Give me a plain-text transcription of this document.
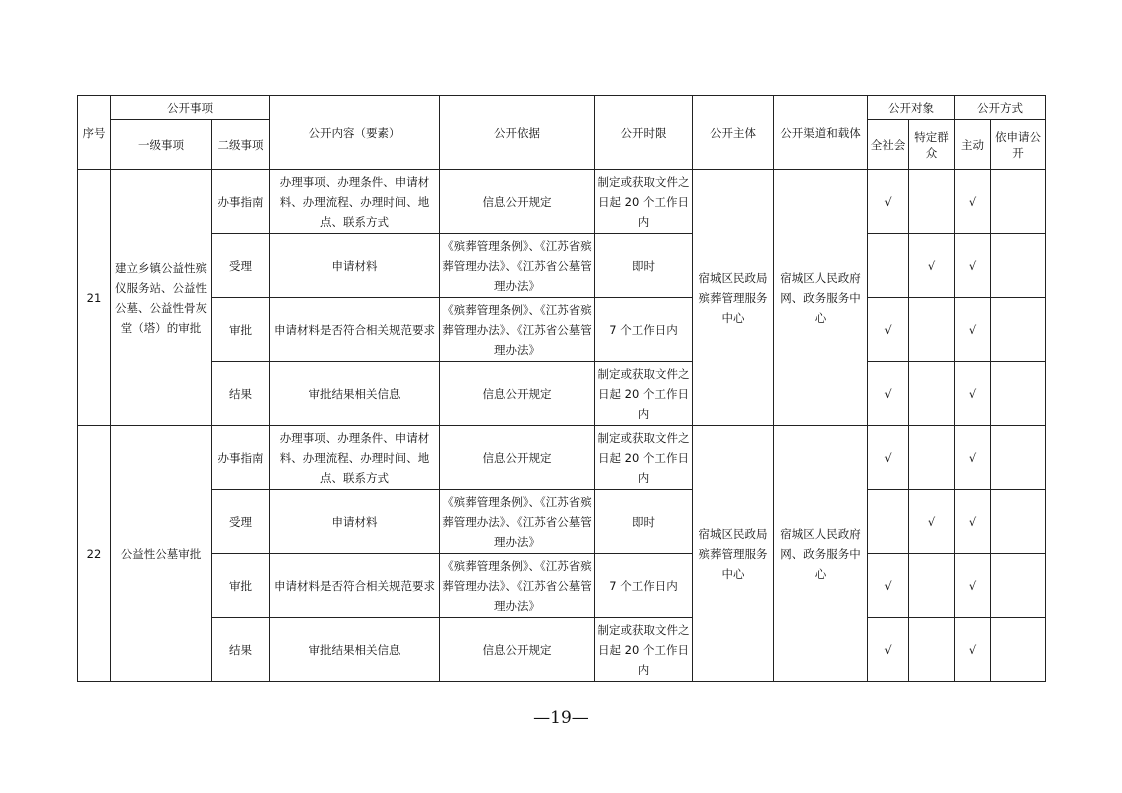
序号	公开事项		公开内容（要素）	公开依据	公开时限	公开主体	公开渠道和载体	公开对象		公开方式	
	一级事项	二级事项						全社会	特定群众	主动	依申请公开
21	建立乡镇公益性殡仪服务站、公益性公墓、公益性骨灰堂（塔）的审批	办事指南	办理事项、办理条件、申请材料、办理流程、办理时间、地点、联系方式	信息公开规定	制定或获取文件之日起 20 个工作日内	宿城区民政局殡葬管理服务中心	宿城区人民政府网、政务服务中心	√		√	
		受理	申请材料	《殡葬管理条例》、《江苏省殡葬管理办法》、《江苏省公墓管理办法》	即时				√	√	
		审批	申请材料是否符合相关规范要求	《殡葬管理条例》、《江苏省殡葬管理办法》、《江苏省公墓管理办法》	7 个工作日内			√		√	
		结果	审批结果相关信息	信息公开规定	制定或获取文件之日起 20 个工作日内			√		√	
22	公益性公墓审批	办事指南	办理事项、办理条件、申请材料、办理流程、办理时间、地点、联系方式	信息公开规定	制定或获取文件之日起 20 个工作日内	宿城区民政局殡葬管理服务中心	宿城区人民政府网、政务服务中心	√		√	
		受理	申请材料	《殡葬管理条例》、《江苏省殡葬管理办法》、《江苏省公墓管理办法》	即时				√	√	
		审批	申请材料是否符合相关规范要求	《殡葬管理条例》、《江苏省殡葬管理办法》、《江苏省公墓管理办法》	7 个工作日内			√		√	
		结果	审批结果相关信息	信息公开规定	制定或获取文件之日起 20 个工作日内			√		√	
—19—
